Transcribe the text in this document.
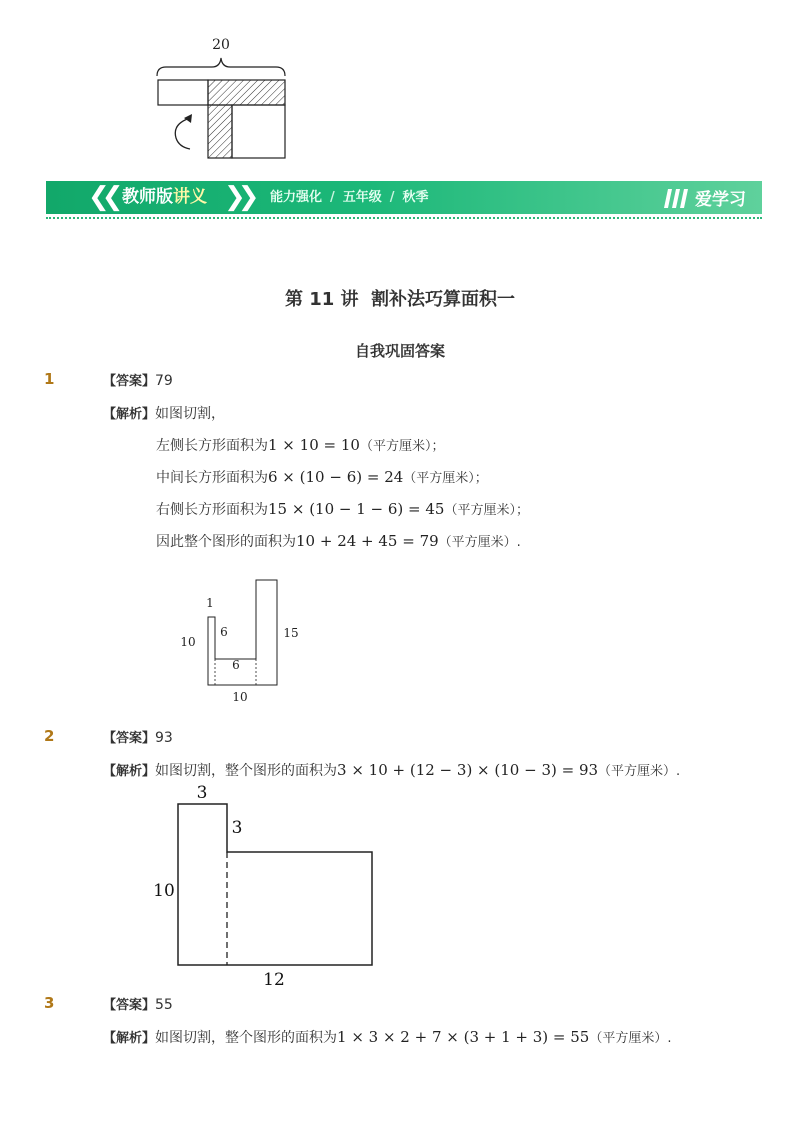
20
❮❮ 教师版讲义 ❯❯ 能力强化 / 五年级 / 秋季	爱学习
第 11 讲  割补法巧算面积一
自我巩固答案
1	【答案】79
【解析】如图切割，
左侧长方形面积为1 × 10 = 10（平方厘米）；
中间长方形面积为6 × (10 − 6) = 24（平方厘米）；
右侧长方形面积为15 × (10 − 1 − 6) = 45（平方厘米）；
因此整个图形的面积为10 + 24 + 45 = 79（平方厘米）.
1
10
6
6
15
10
2	【答案】93
【解析】如图切割，整个图形的面积为3 × 10 + (12 − 3) × (10 − 3) = 93（平方厘米）.
3
3
10
12
3	【答案】55
【解析】如图切割，整个图形的面积为1 × 3 × 2 + 7 × (3 + 1 + 3) = 55（平方厘米）.
